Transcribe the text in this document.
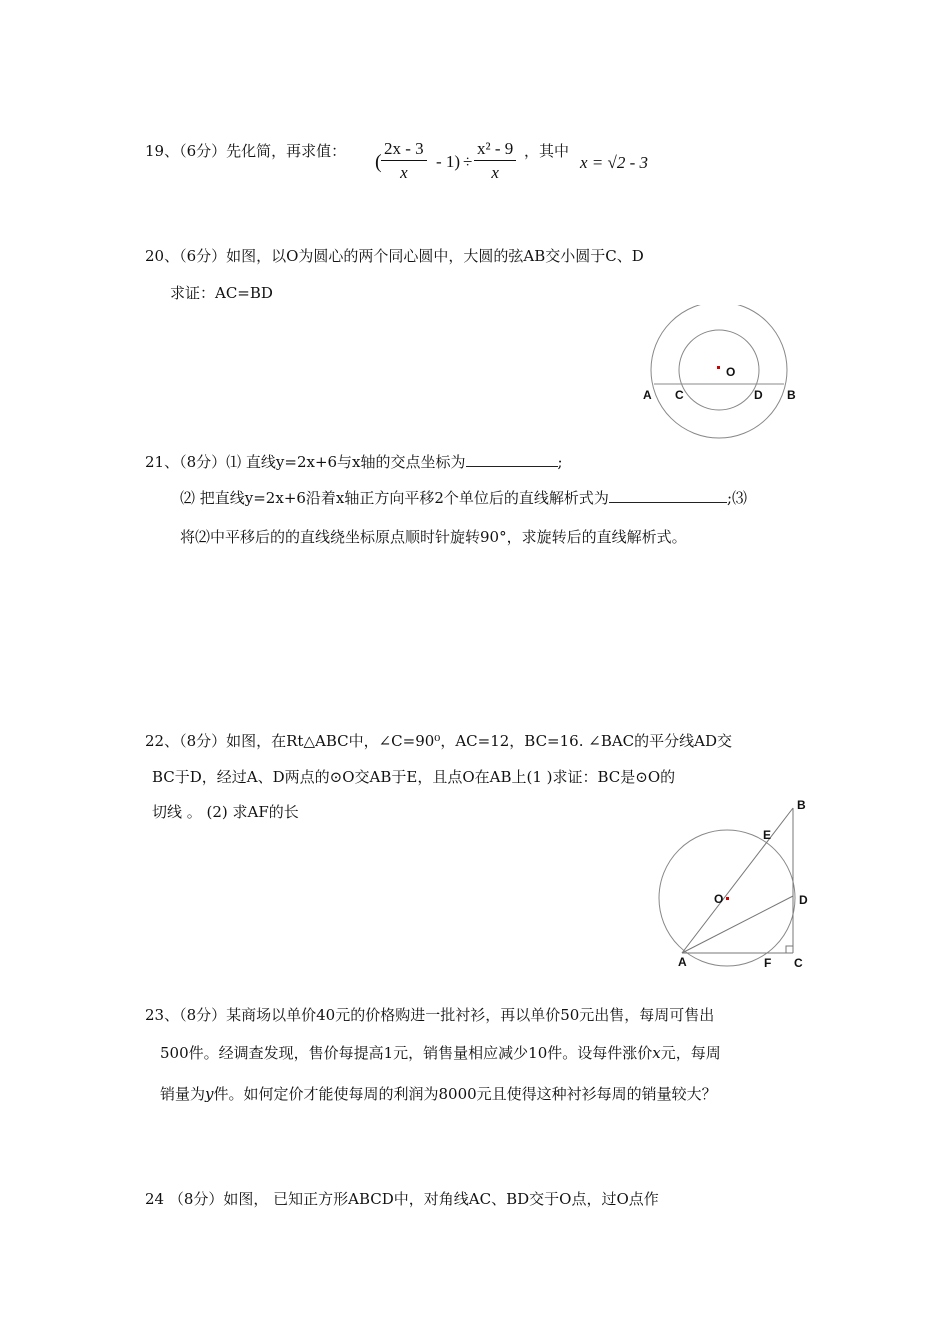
19、（6分）先化简，再求值： ( $\frac{2x - 3}{x} - 1) \div \frac{\text{x² - 9}}{x}$ ，其中
x = √2 - 3
20、（6分）如图，以O为圆心的两个同心圆中，大圆的弦AB交小圆于C、D
求证：AC=BD
O
A C	D B
21、（8分）⑴ 直线y=2x+6与x轴的交点坐标为	;
⑵ 把直线y=2x+6沿着x轴正方向平移2个单位后的直线解析式为	;⑶
将⑵中平移后的的直线绕坐标原点顺时针旋转90°，求旋转后的直线解析式。
22、（8分）如图，在Rt△ABC中，∠C=90⁰，AC=12，BC=16. ∠BAC的平分线AD交
BC于D，经过A、D两点的⊙O交AB于E，且点O在AB上(1 )求证：BC是⊙O的
切线 。 (2) 求AF的长	B
E
O	D
A	F C
23、（8分）某商场以单价40元的价格购进一批衬衫，再以单价50元出售，每周可售出
500件。经调查发现，售价每提高1元，销售量相应减少10件。设每件涨价x元，每周
销量为y件。如何定价才能使每周的利润为8000元且使得这种衬衫每周的销量较大？
24 （8分）如图， 已知正方形ABCD中，对角线AC、BD交于O点，过O点作
